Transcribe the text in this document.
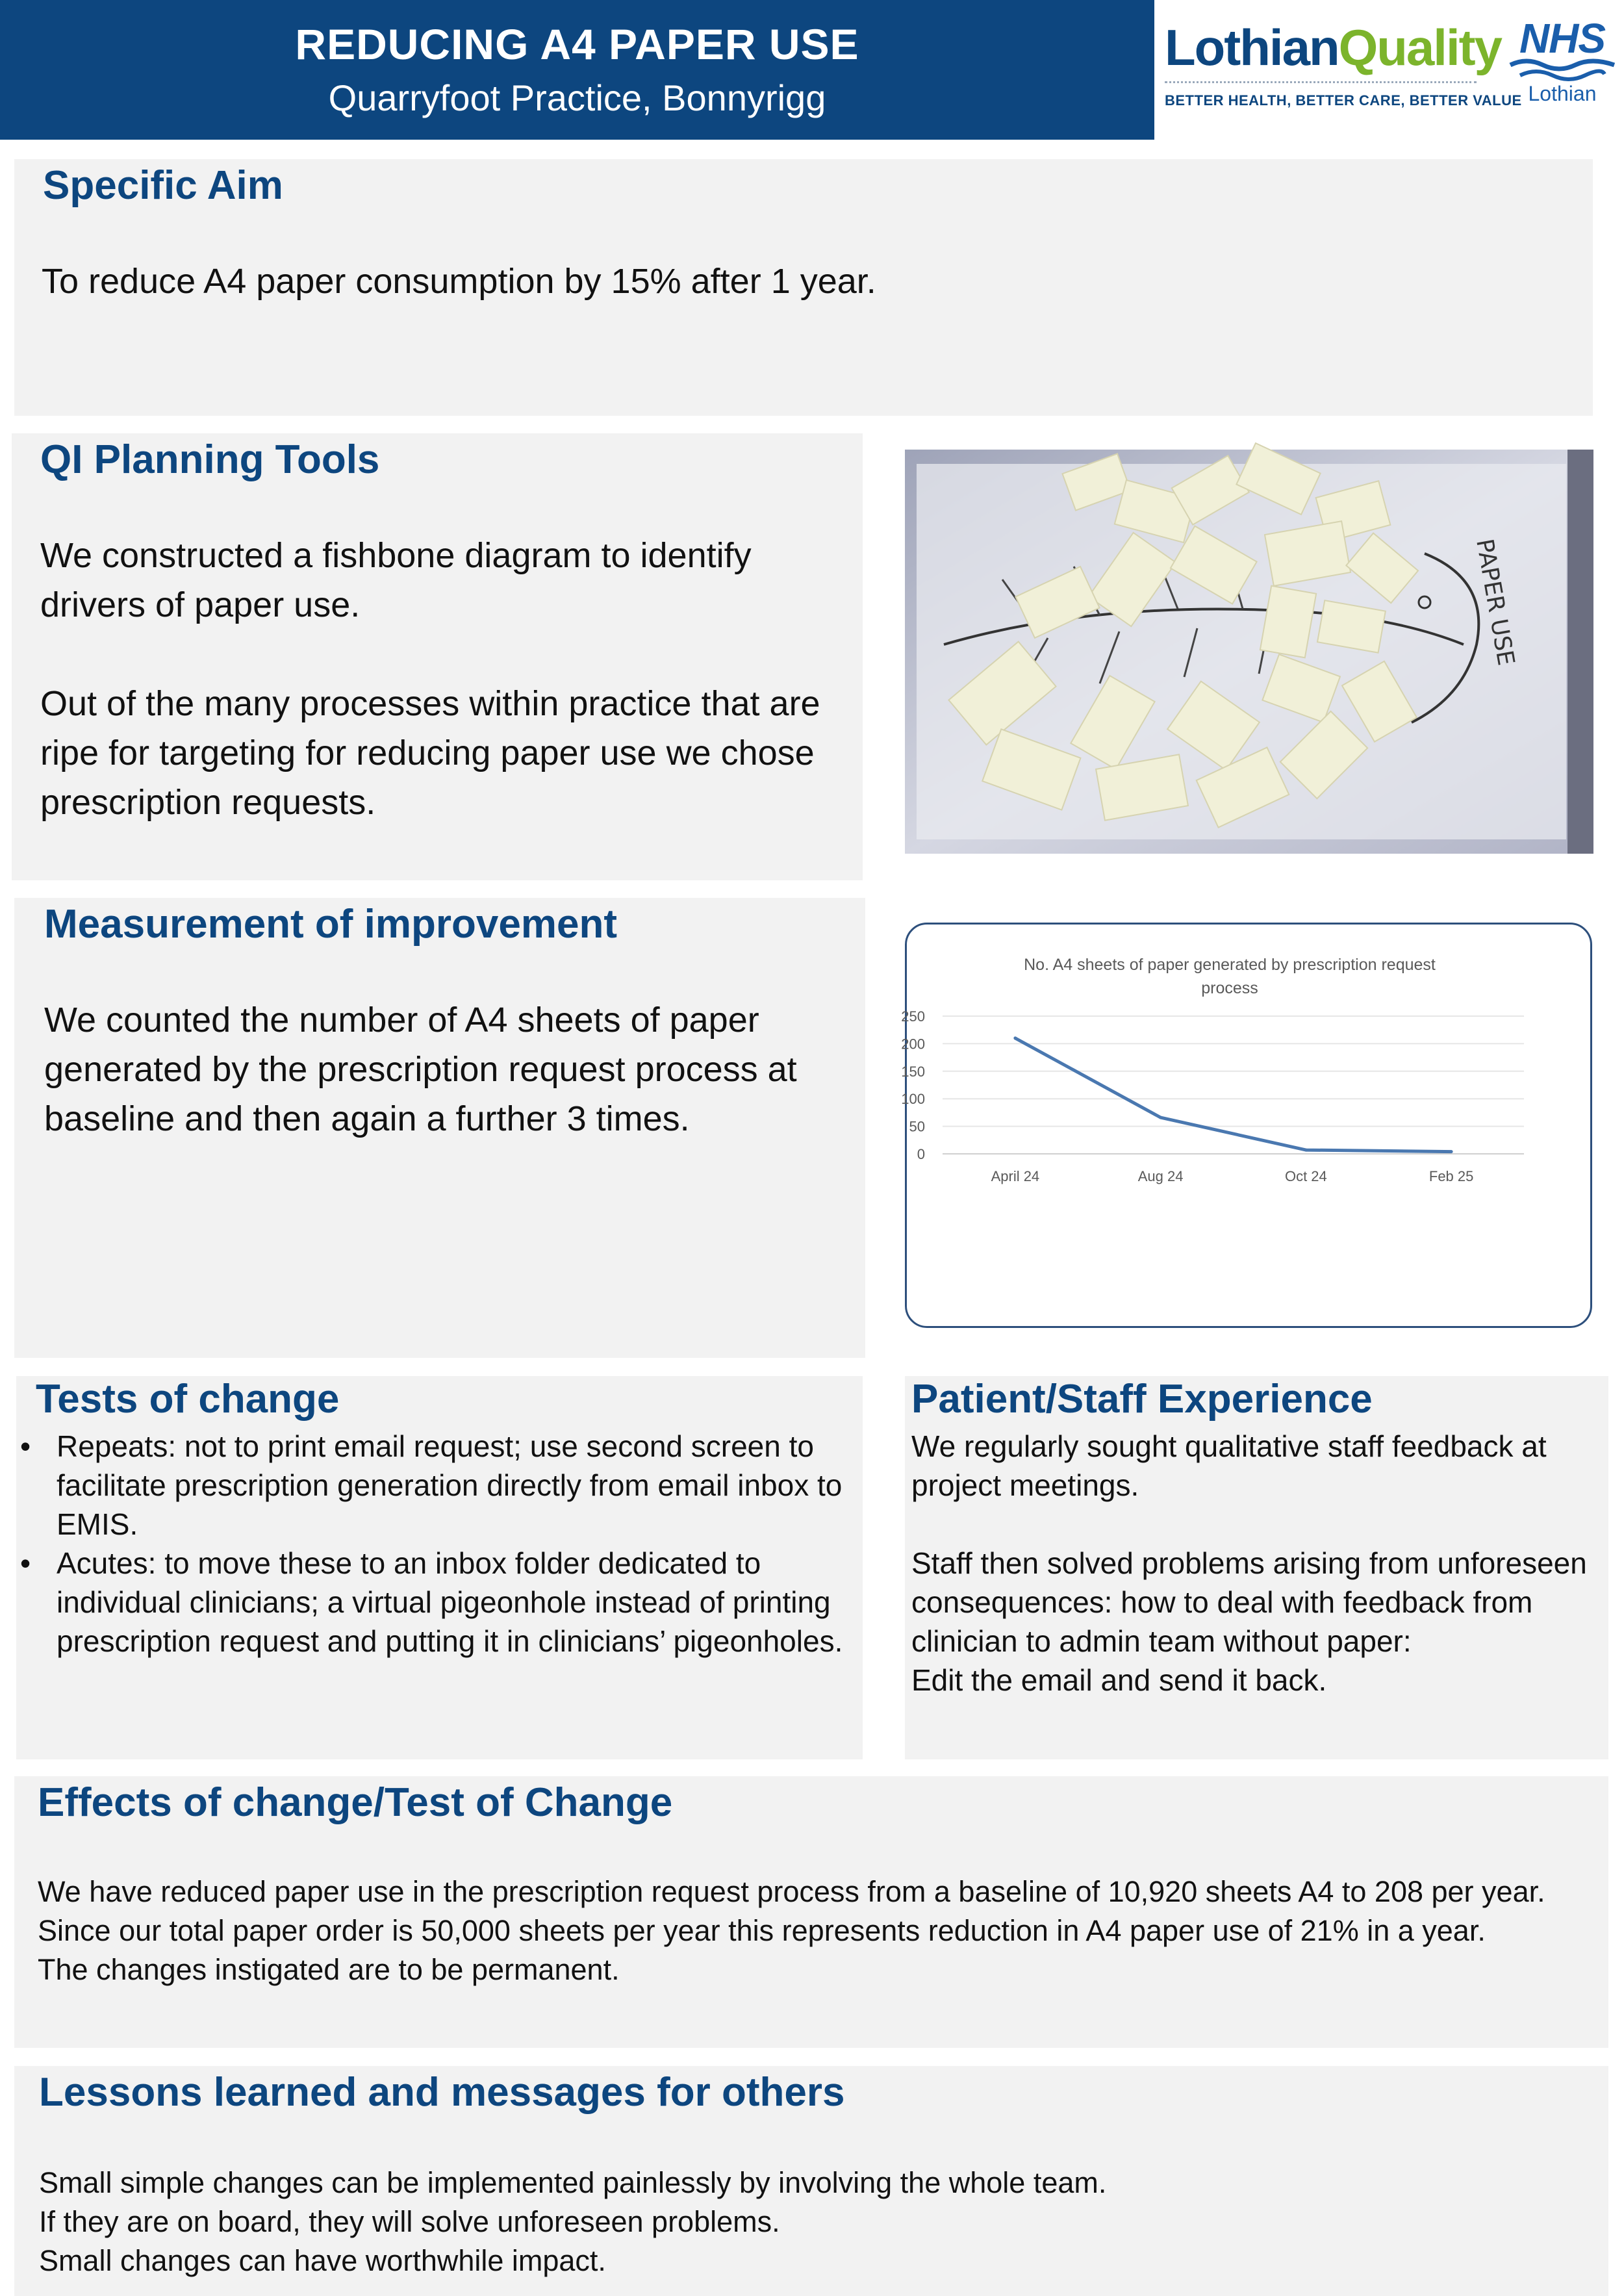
REDUCING A4 PAPER USE
Quarryfoot Practice, Bonnyrigg
LothianQuality
BETTER HEALTH, BETTER CARE, BETTER VALUE
NHS
Lothian
Specific Aim
To reduce A4 paper consumption by 15% after 1 year.
QI Planning Tools

We constructed a fishbone diagram to identify drivers of paper use.

Out of the many processes within practice that are ripe for targeting for reducing paper use we chose prescription requests.

PAPER USE
Measurement of improvement
We counted the number of A4 sheets of paper generated by the prescription request process at baseline and then again a further 3 times.
No. A4 sheets of paper generated by prescription request
process
0
50
100
150
200
250
April 24	Aug 24	Oct 24	Feb 25
Tests of change
• Repeats: not to print email request; use second screen to facilitate prescription generation directly from email inbox to EMIS.
• Acutes: to move these to an inbox folder dedicated to individual clinicians; a virtual pigeonhole instead of printing prescription request and putting it in clinicians’ pigeonholes.
Patient/Staff Experience

We regularly sought qualitative staff feedback at project meetings.

Staff then solved problems arising from unforeseen consequences: how to deal with feedback from clinician to admin team without paper:

Edit the email and send it back.

Effects of change/Test of Change

We have reduced paper use in the prescription request process from a baseline of 10,920 sheets A4 to 208 per year.

Since our total paper order is 50,000 sheets per year this represents reduction in A4 paper use of 21% in a year.

The changes instigated are to be permanent.

Lessons learned and messages for others

Small simple changes can be implemented painlessly by involving the whole team.

If they are on board, they will solve unforeseen problems.

Small changes can have worthwhile impact.
